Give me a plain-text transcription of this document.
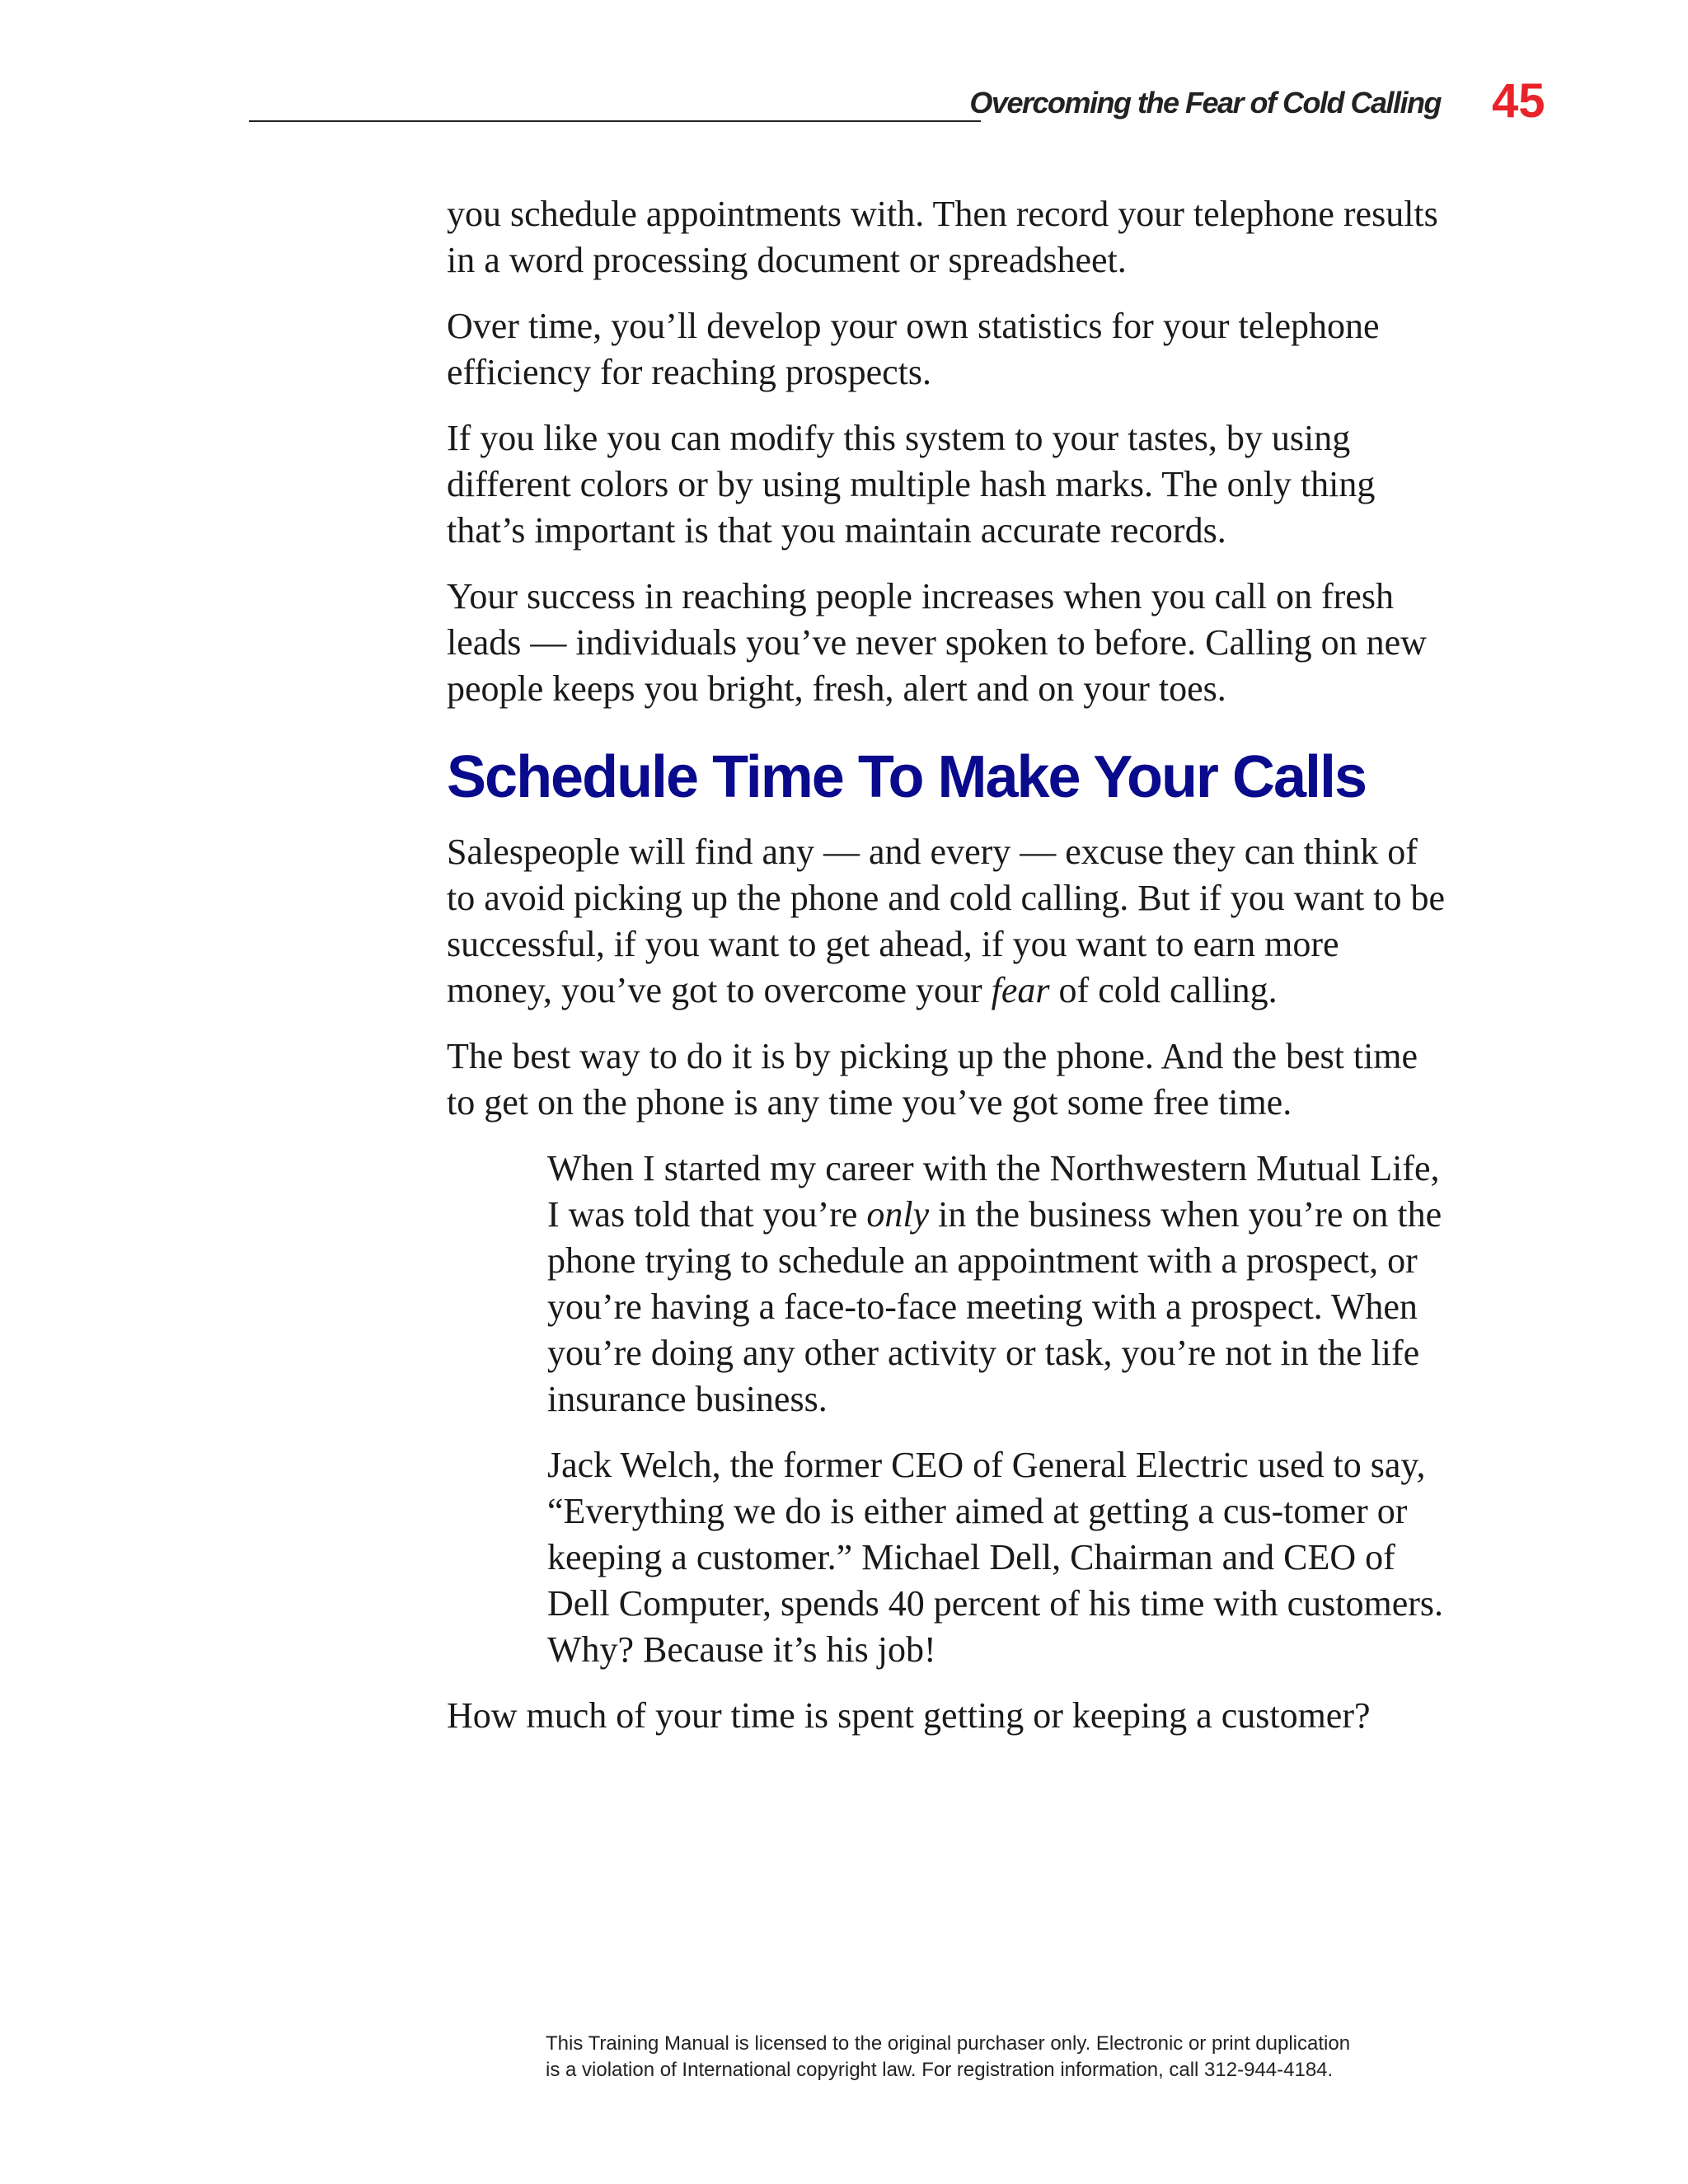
Overcoming the Fear of Cold Calling 45

you schedule appointments with. Then record your telephone results in a word processing document or spreadsheet.

Over time, you’ll develop your own statistics for your telephone efficiency for reaching prospects.

If you like you can modify this system to your tastes, by using different colors or by using multiple hash marks. The only thing that’s important is that you maintain accurate records.

Your success in reaching people increases when you call on fresh leads — individuals you’ve never spoken to before. Calling on new people keeps you bright, fresh, alert and on your toes.

Schedule Time To Make Your Calls

Salespeople will find any — and every — excuse they can think of to avoid picking up the phone and cold calling. But if you want to be successful, if you want to get ahead, if you want to earn more money, you’ve got to overcome your fear of cold calling.

The best way to do it is by picking up the phone. And the best time to get on the phone is any time you’ve got some free time.

When I started my career with the Northwestern Mutual Life, I was told that you’re only in the business when you’re on the phone trying to schedule an appointment with a prospect, or you’re having a face-to-face meeting with a prospect. When you’re doing any other activity or task, you’re not in the life insurance business.

Jack Welch, the former CEO of General Electric used to say, “Everything we do is either aimed at getting a cus-tomer or keeping a customer.” Michael Dell, Chairman and CEO of Dell Computer, spends 40 percent of his time with customers. Why? Because it’s his job!

How much of your time is spent getting or keeping a customer?

This Training Manual is licensed to the original purchaser only. Electronic or print duplication
is a violation of International copyright law. For registration information, call 312-944-4184.
